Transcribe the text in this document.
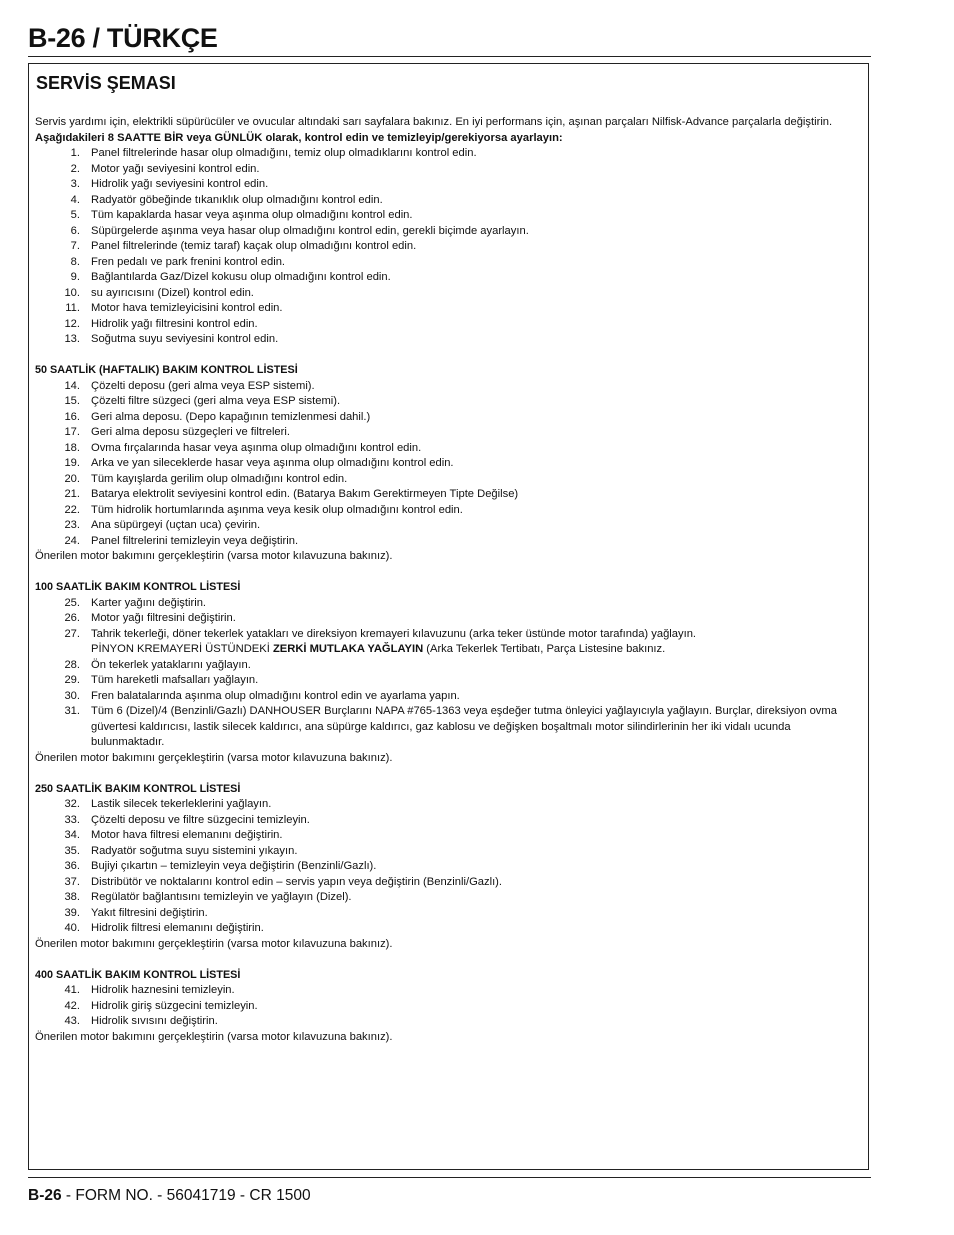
B-26 / TÜRKÇE
SERVİS ŞEMASI
Servis yardımı için, elektrikli süpürücüler ve ovucular altındaki sarı sayfalara bakınız. En iyi performans için, aşınan parçaları Nilfisk-Advance parçalarla değiştirin.
Aşağıdakileri 8 SAATTE BİR veya GÜNLÜK olarak, kontrol edin ve temizleyip/gerekiyorsa ayarlayın:
1. Panel filtrelerinde hasar olup olmadığını, temiz olup olmadıklarını kontrol edin.
2. Motor yağı seviyesini kontrol edin.
3. Hidrolik yağı seviyesini kontrol edin.
4. Radyatör göbeğinde tıkanıklık olup olmadığını kontrol edin.
5. Tüm kapaklarda hasar veya aşınma olup olmadığını kontrol edin.
6. Süpürgelerde aşınma veya hasar olup olmadığını kontrol edin, gerekli biçimde ayarlayın.
7. Panel filtrelerinde (temiz taraf) kaçak olup olmadığını kontrol edin.
8. Fren pedalı ve park frenini kontrol edin.
9. Bağlantılarda Gaz/Dizel kokusu olup olmadığını kontrol edin.
10. su ayırıcısını (Dizel) kontrol edin.
11. Motor hava temizleyicisini kontrol edin.
12. Hidrolik yağı filtresini kontrol edin.
13. Soğutma suyu seviyesini kontrol edin.
50 SAATLİK (HAFTALIK) BAKIM KONTROL LİSTESİ
14. Çözelti deposu (geri alma veya ESP sistemi).
15. Çözelti filtre süzgeci (geri alma veya ESP sistemi).
16. Geri alma deposu. (Depo kapağının temizlenmesi dahil.)
17. Geri alma deposu süzgeçleri ve filtreleri.
18. Ovma fırçalarında hasar veya aşınma olup olmadığını kontrol edin.
19. Arka ve yan sileceklerde hasar veya aşınma olup olmadığını kontrol edin.
20. Tüm kayışlarda gerilim olup olmadığını kontrol edin.
21. Batarya elektrolit seviyesini kontrol edin. (Batarya Bakım Gerektirmeyen Tipte Değilse)
22. Tüm hidrolik hortumlarında aşınma veya kesik olup olmadığını kontrol edin.
23. Ana süpürgeyi (uçtan uca) çevirin.
24. Panel filtrelerini temizleyin veya değiştirin.
Önerilen motor bakımını gerçekleştirin (varsa motor kılavuzuna bakınız).
100 SAATLİK BAKIM KONTROL LİSTESİ
25. Karter yağını değiştirin.
26. Motor yağı filtresini değiştirin.
27. Tahrik tekerleği, döner tekerlek yatakları ve direksiyon kremayeri kılavuzunu (arka teker üstünde motor tarafında) yağlayın.
PİNYON KREMAYERİ ÜSTÜNDEKİ ZERKİ MUTLAKA YAĞLAYIN (Arka Tekerlek Tertibatı, Parça Listesine bakınız.
28. Ön tekerlek yataklarını yağlayın.
29. Tüm hareketli mafsalları yağlayın.
30. Fren balatalarında aşınma olup olmadığını kontrol edin ve ayarlama yapın.
31. Tüm 6 (Dizel)/4 (Benzinli/Gazlı) DANHOUSER Burçlarını NAPA #765-1363 veya eşdeğer tutma önleyici yağlayıcıyla yağlayın. Burçlar, direksiyon ovma güvertesi kaldırıcısı, lastik silecek kaldırıcı, ana süpürge kaldırıcı, gaz kablosu ve değişken boşaltmalı motor silindirlerinin her iki vidalı ucunda bulunmaktadır.
Önerilen motor bakımını gerçekleştirin (varsa motor kılavuzuna bakınız).
250 SAATLİK BAKIM KONTROL LİSTESİ
32. Lastik silecek tekerleklerini yağlayın.
33. Çözelti deposu ve filtre süzgecini temizleyin.
34. Motor hava filtresi elemanını değiştirin.
35. Radyatör soğutma suyu sistemini yıkayın.
36. Bujiyi çıkartın – temizleyin veya değiştirin (Benzinli/Gazlı).
37. Distribütör ve noktalarını kontrol edin – servis yapın veya değiştirin (Benzinli/Gazlı).
38. Regülatör bağlantısını temizleyin ve yağlayın (Dizel).
39. Yakıt filtresini değiştirin.
40. Hidrolik filtresi elemanını değiştirin.
Önerilen motor bakımını gerçekleştirin (varsa motor kılavuzuna bakınız).
400 SAATLİK BAKIM KONTROL LİSTESİ
41. Hidrolik haznesini temizleyin.
42. Hidrolik giriş süzgecini temizleyin.
43. Hidrolik sıvısını değiştirin.
Önerilen motor bakımını gerçekleştirin (varsa motor kılavuzuna bakınız).
B-26 - FORM NO. - 56041719 - CR 1500
